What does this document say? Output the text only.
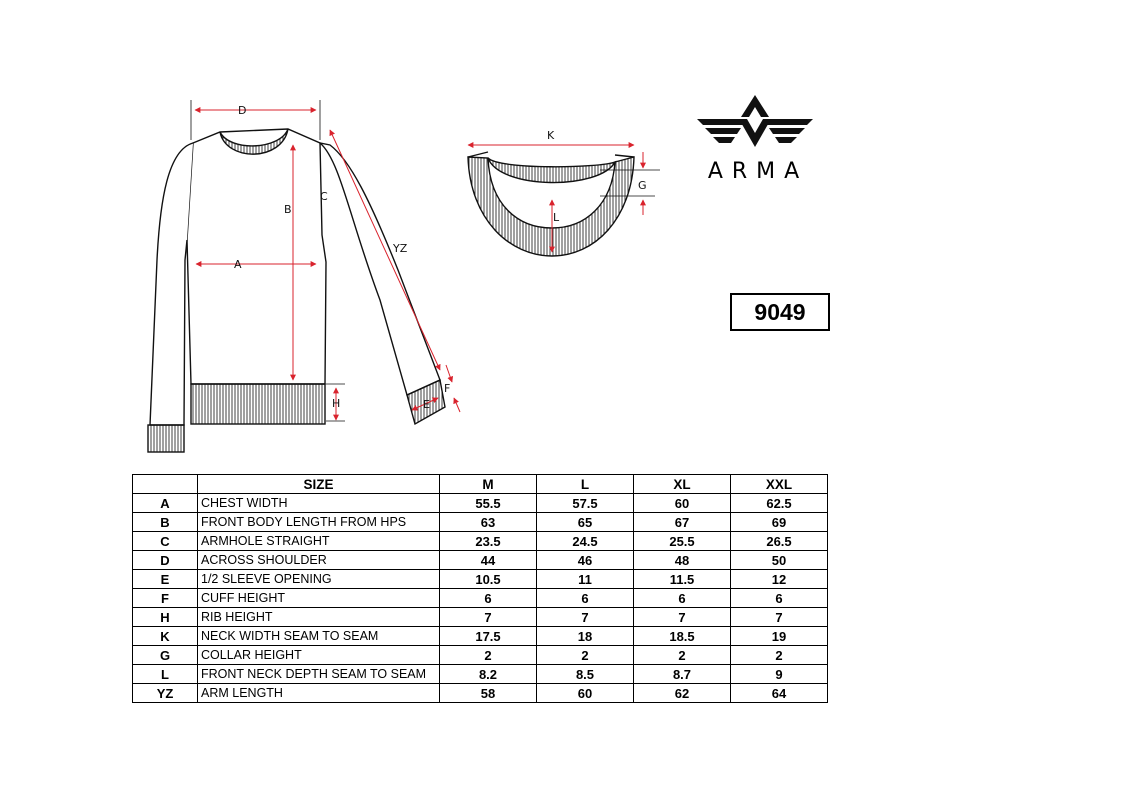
D
A
B
C
YZ
H	E
F
K
G
L
ARMA
9049
	SIZE	M	L	XL	XXL
A	CHEST WIDTH	55.5	57.5	60	62.5
B	FRONT BODY LENGTH FROM HPS	63	65	67	69
C	ARMHOLE STRAIGHT	23.5	24.5	25.5	26.5
D	ACROSS SHOULDER	44	46	48	50
E	1/2 SLEEVE OPENING	10.5	11	11.5	12
F	CUFF HEIGHT	6	6	6	6
H	RIB HEIGHT	7	7	7	7
K	NECK WIDTH SEAM TO SEAM	17.5	18	18.5	19
G	COLLAR HEIGHT	2	2	2	2
L	FRONT NECK DEPTH SEAM TO SEAM	8.2	8.5	8.7	9
YZ	ARM LENGTH	58	60	62	64
